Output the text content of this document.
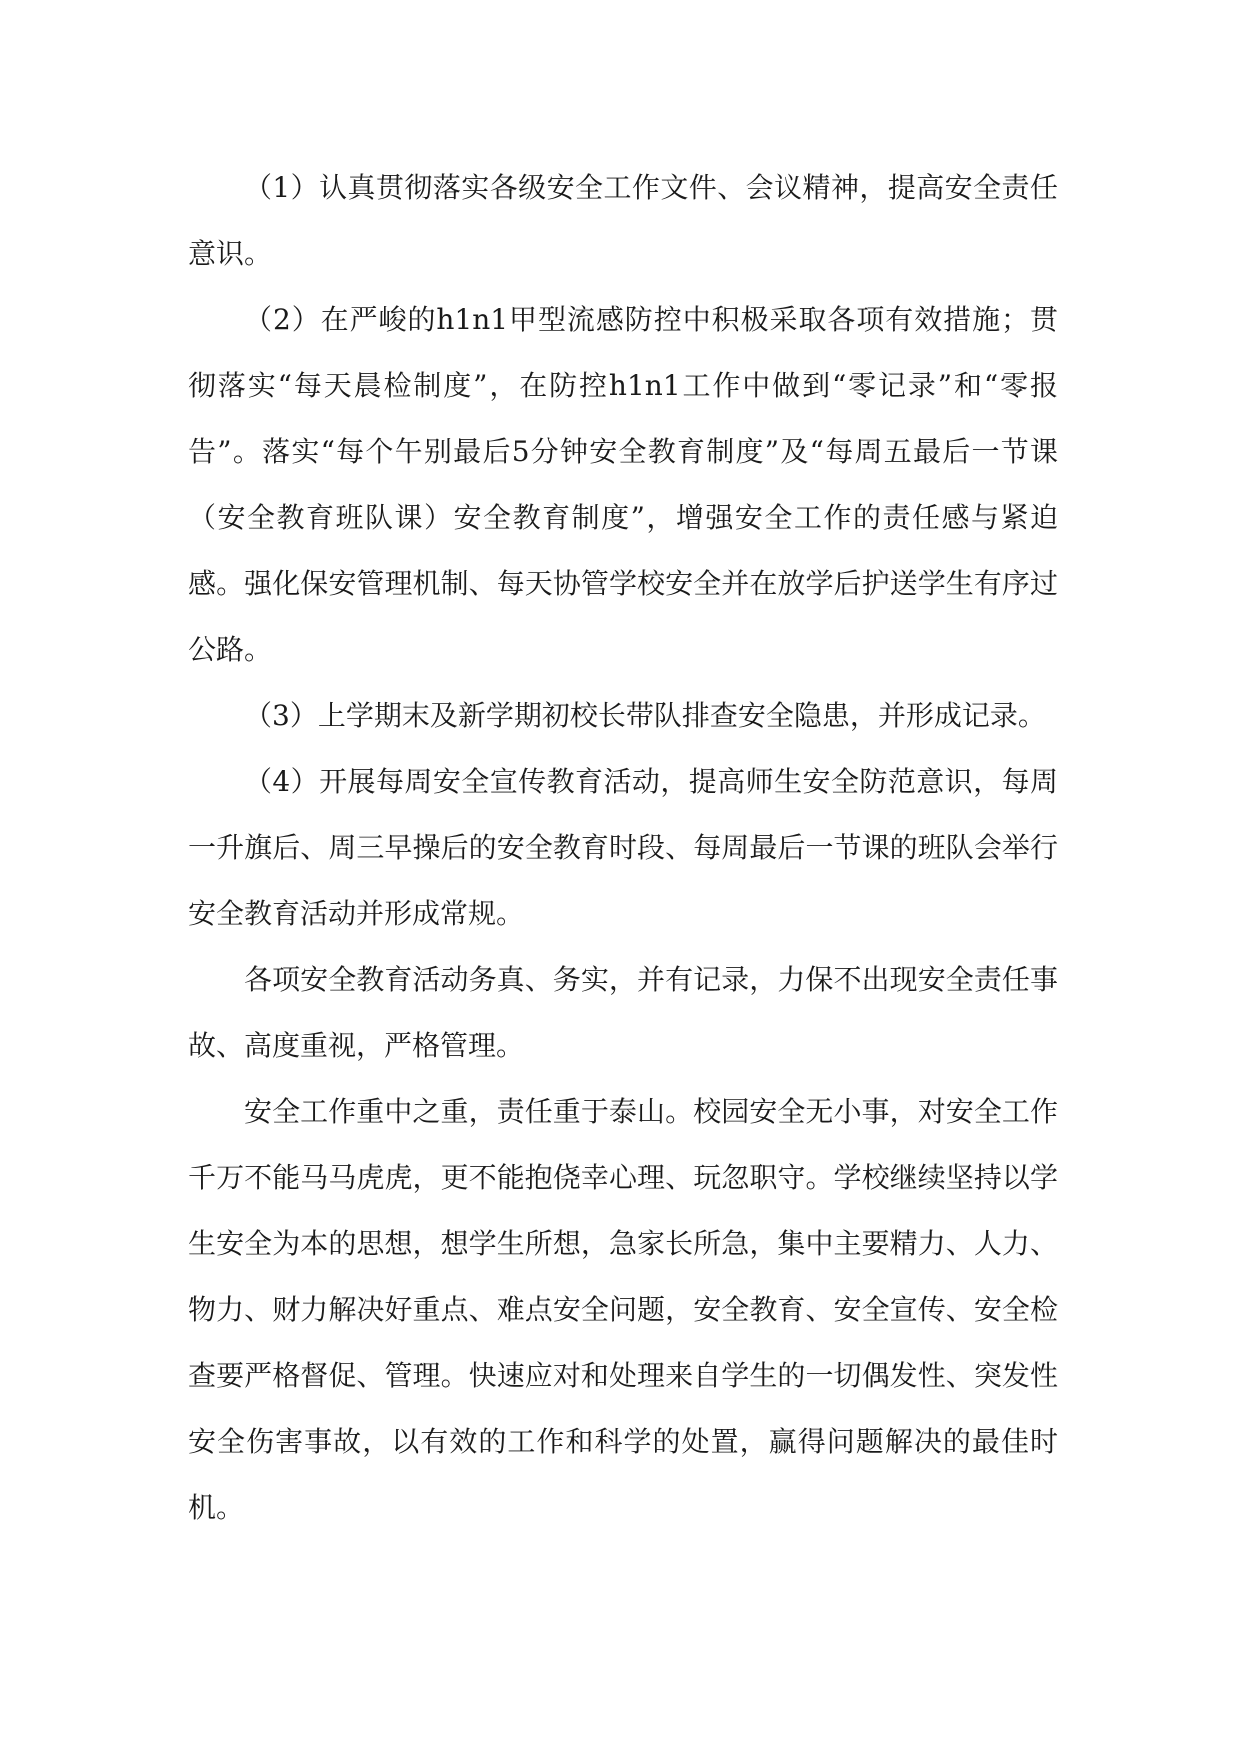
（1）认真贯彻落实各级安全工作文件、会议精神，提高安全责任意识。

（2）在严峻的h1n1甲型流感防控中积极采取各项有效措施；贯彻落实“每天晨检制度”，在防控h1n1工作中做到“零记录”和“零报告”。落实“每个午别最后5分钟安全教育制度”及“每周五最后一节课（安全教育班队课）安全教育制度”，增强安全工作的责任感与紧迫感。强化保安管理机制、每天协管学校安全并在放学后护送学生有序过公路。

（3）上学期末及新学期初校长带队排查安全隐患，并形成记录。

（4）开展每周安全宣传教育活动，提高师生安全防范意识，每周一升旗后、周三早操后的安全教育时段、每周最后一节课的班队会举行安全教育活动并形成常规。

各项安全教育活动务真、务实，并有记录，力保不出现安全责任事故、高度重视，严格管理。

安全工作重中之重，责任重于泰山。校园安全无小事，对安全工作千万不能马马虎虎，更不能抱侥幸心理、玩忽职守。学校继续坚持以学生安全为本的思想，想学生所想，急家长所急，集中主要精力、人力、物力、财力解决好重点、难点安全问题，安全教育、安全宣传、安全检查要严格督促、管理。快速应对和处理来自学生的一切偶发性、突发性安全伤害事故，以有效的工作和科学的处置，赢得问题解决的最佳时机。
